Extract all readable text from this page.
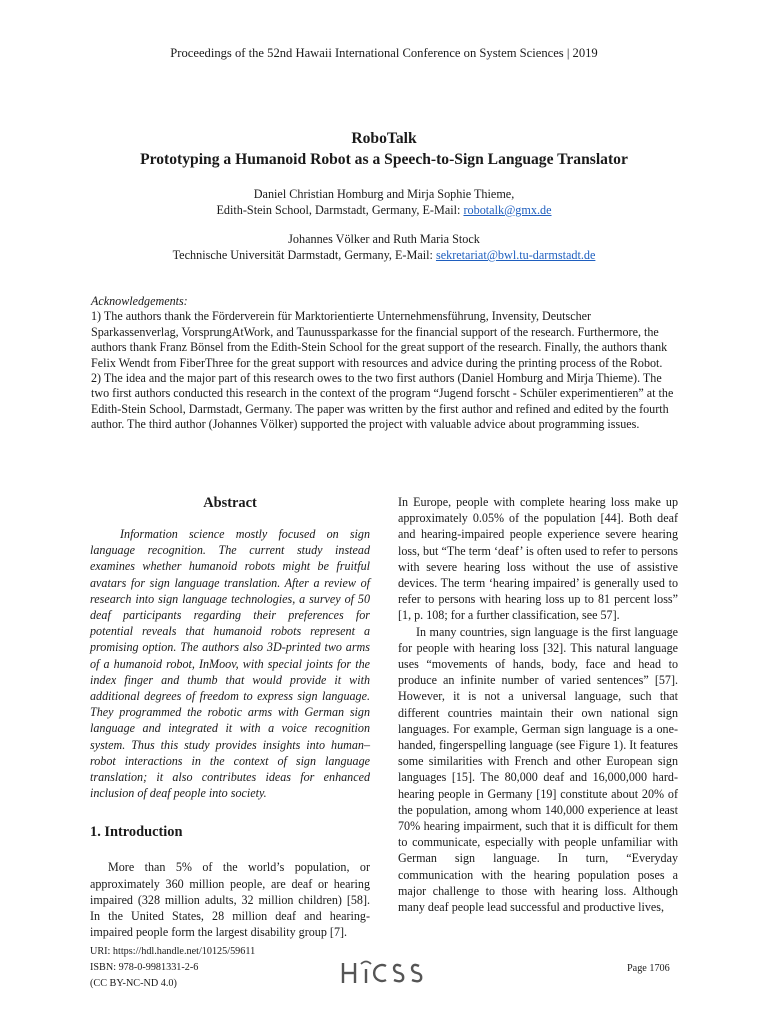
Proceedings of the 52nd Hawaii International Conference on System Sciences | 2019
RoboTalk
Prototyping a Humanoid Robot as a Speech-to-Sign Language Translator
Daniel Christian Homburg and Mirja Sophie Thieme,
Edith-Stein School, Darmstadt, Germany, E-Mail: robotalk@gmx.de
Johannes Völker and Ruth Maria Stock
Technische Universität Darmstadt, Germany, E-Mail: sekretariat@bwl.tu-darmstadt.de
Acknowledgements:
1) The authors thank the Förderverein für Marktorientierte Unternehmensführung, Invensity, Deutscher Sparkassenverlag, VorsprungAtWork, and Taunussparkasse for the financial support of the research. Furthermore, the authors thank Franz Bönsel from the Edith-Stein School for the great support of the research. Finally, the authors thank Felix Wendt from FiberThree for the great support with resources and advice during the printing process of the Robot.
2) The idea and the major part of this research owes to the two first authors (Daniel Homburg and Mirja Thieme). The two first authors conducted this research in the context of the program “Jugend forscht - Schüler experimentieren” at the Edith-Stein School, Darmstadt, Germany. The paper was written by the first author and refined and edited by the fourth author. The third author (Johannes Völker) supported the project with valuable advice about programming issues.
Abstract

Information science mostly focused on sign language recognition. The current study instead examines whether humanoid robots might be fruitful avatars for sign language translation. After a review of research into sign language technologies, a survey of 50 deaf participants regarding their preferences for potential reveals that humanoid robots represent a promising option. The authors also 3D-printed two arms of a humanoid robot, InMoov, with special joints for the index finger and thumb that would provide it with additional degrees of freedom to express sign language. They programmed the robotic arms with German sign language and integrated it with a voice recognition system. Thus this study provides insights into human–robot interactions in the context of sign language translation; it also contributes ideas for enhanced inclusion of deaf people into society.

1. Introduction

More than 5% of the world’s population, or approximately 360 million people, are deaf or hearing impaired (328 million adults, 32 million children) [58]. In the United States, 28 million deaf and hearing-impaired people form the largest disability group [7].

In Europe, people with complete hearing loss make up approximately 0.05% of the population [44]. Both deaf and hearing-impaired people experience severe hearing loss, but “The term ‘deaf’ is often used to refer to persons with severe hearing loss without the use of assistive devices. The term ‘hearing impaired’ is generally used to refer to persons with hearing loss up to 81 percent loss” [1, p. 108; for a further classification, see 57].

In many countries, sign language is the first language for people with hearing loss [32]. This natural language uses “movements of hands, body, face and head to produce an infinite number of varied sentences” [57]. However, it is not a universal language, such that different countries maintain their own national sign languages. For example, German sign language is a one-handed, fingerspelling language (see Figure 1). It features some similarities with French and other European sign languages [15]. The 80,000 deaf and 16,000,000 hard-hearing people in Germany [19] constitute about 20% of the population, among whom 140,000 experience at least 70% hearing impairment, such that it is difficult for them to communicate, especially with people unfamiliar with German sign language. In turn, “Everyday communication with the hearing population poses a major challenge to those with hearing loss. Although many deaf people lead successful and productive lives,

URI: https://hdl.handle.net/10125/59611
ISBN: 978-0-9981331-2-6
(CC BY-NC-ND 4.0)
Page 1706
